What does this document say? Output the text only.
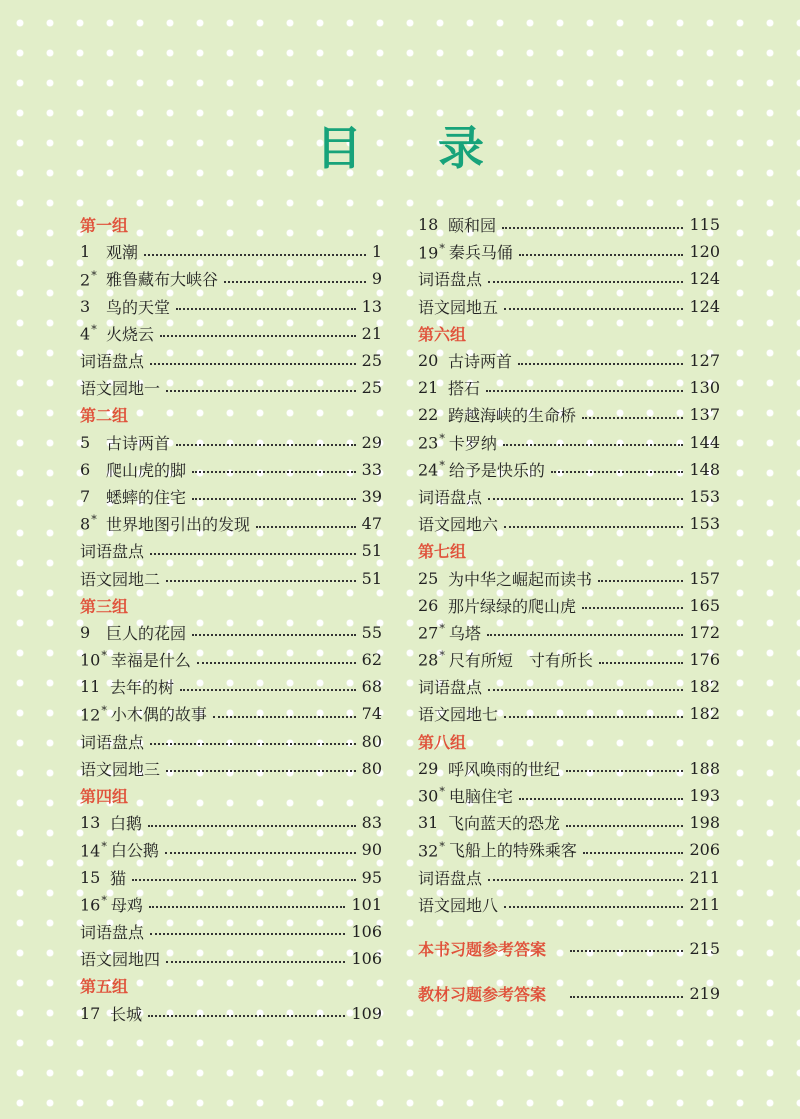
目 录
第一组
1 观潮	1
2* 雅鲁藏布大峡谷	9
3 鸟的天堂	13
4* 火烧云	21
词语盘点	25
语文园地一	25
第二组
5 古诗两首	29
6 爬山虎的脚	33
7 蟋蟀的住宅	39
8* 世界地图引出的发现	47
词语盘点	51
语文园地二	51
第三组
9 巨人的花园	55
10* 幸福是什么	62
11 去年的树	68
12* 小木偶的故事	74
词语盘点	80
语文园地三	80
第四组
13 白鹅	83
14* 白公鹅	90
15 猫	95
16* 母鸡	101
词语盘点	106
语文园地四	106
第五组
17 长城	109
18 颐和园	115
19* 秦兵马俑	120
词语盘点	124
语文园地五	124
第六组
20 古诗两首	127
21 搭石	130
22 跨越海峡的生命桥	137
23* 卡罗纳	144
24* 给予是快乐的	148
词语盘点	153
语文园地六	153
第七组
25 为中华之崛起而读书	157
26 那片绿绿的爬山虎	165
27* 乌塔	172
28* 尺有所短　寸有所长	176
词语盘点	182
语文园地七	182
第八组
29 呼风唤雨的世纪	188
30* 电脑住宅	193
31 飞向蓝天的恐龙	198
32* 飞船上的特殊乘客	206
词语盘点	211
语文园地八	211
本书习题参考答案	215
教材习题参考答案	219
